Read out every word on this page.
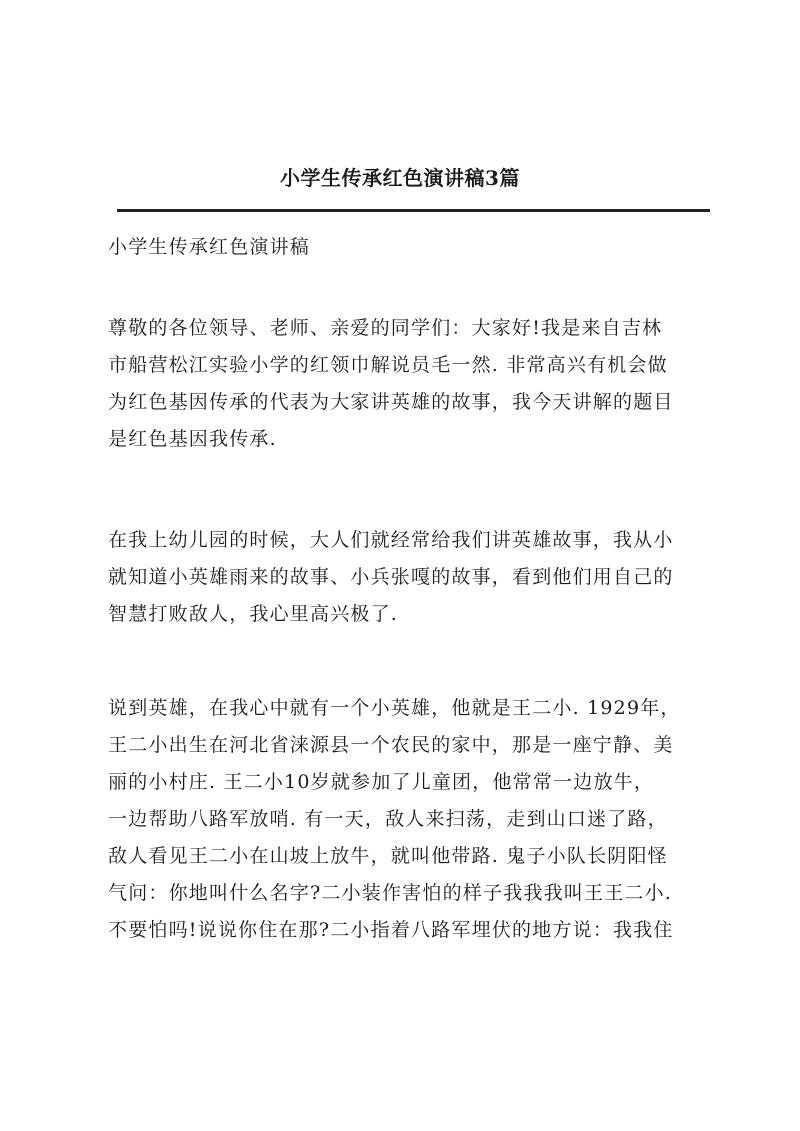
小学生传承红色演讲稿3篇
小学生传承红色演讲稿
尊敬的各位领导、老师、亲爱的同学们：大家好!我是来自吉林
市船营松江实验小学的红领巾解说员毛一然. 非常高兴有机会做
为红色基因传承的代表为大家讲英雄的故事，我今天讲解的题目
是红色基因我传承.
在我上幼儿园的时候，大人们就经常给我们讲英雄故事，我从小
就知道小英雄雨来的故事、小兵张嘎的故事，看到他们用自己的
智慧打败敌人，我心里高兴极了.
说到英雄，在我心中就有一个小英雄，他就是王二小. 1929年，
王二小出生在河北省涞源县一个农民的家中，那是一座宁静、美
丽的小村庄. 王二小10岁就参加了儿童团，他常常一边放牛，
一边帮助八路军放哨. 有一天，敌人来扫荡，走到山口迷了路，
敌人看见王二小在山坡上放牛，就叫他带路. 鬼子小队长阴阳怪
气问：你地叫什么名字?二小装作害怕的样子我我我叫王王二小.
不要怕吗!说说你住在那?二小指着八路军埋伏的地方说：我我住
